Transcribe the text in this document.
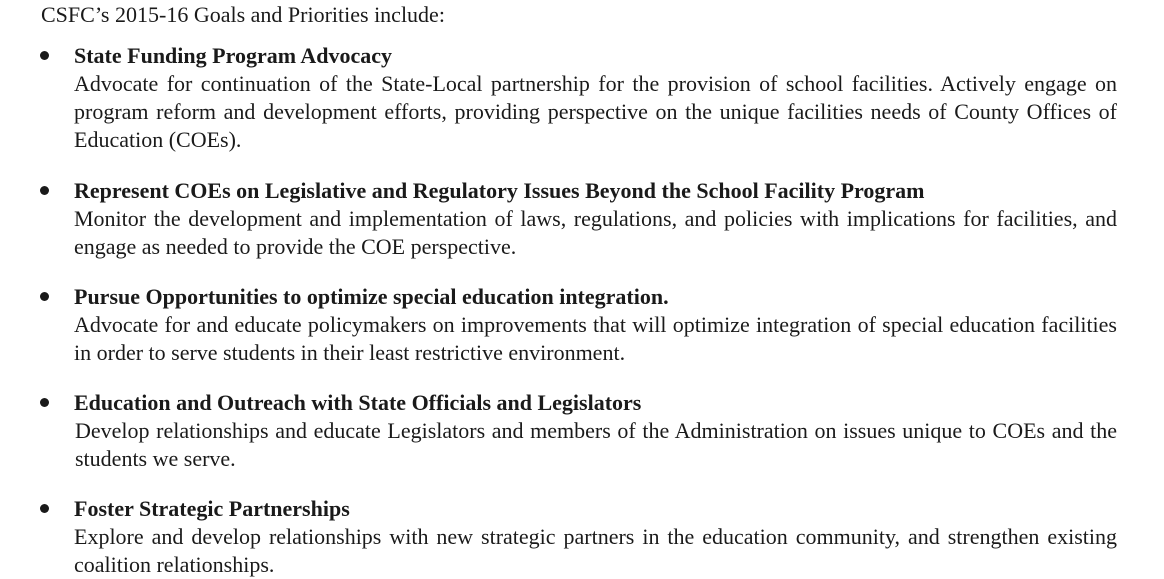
CSFC’s 2015-16 Goals and Priorities include:
State Funding Program Advocacy
Advocate for continuation of the State-Local partnership for the provision of school facilities. Actively engage on program reform and development efforts, providing perspective on the unique facilities needs of County Offices of Education (COEs).
Represent COEs on Legislative and Regulatory Issues Beyond the School Facility Program
Monitor the development and implementation of laws, regulations, and policies with implications for facilities, and engage as needed to provide the COE perspective.
Pursue Opportunities to optimize special education integration.
Advocate for and educate policymakers on improvements that will optimize integration of special education facilities in order to serve students in their least restrictive environment.
Education and Outreach with State Officials and Legislators
Develop relationships and educate Legislators and members of the Administration on issues unique to COEs and the students we serve.
Foster Strategic Partnerships
Explore and develop relationships with new strategic partners in the education community, and strengthen existing coalition relationships.
